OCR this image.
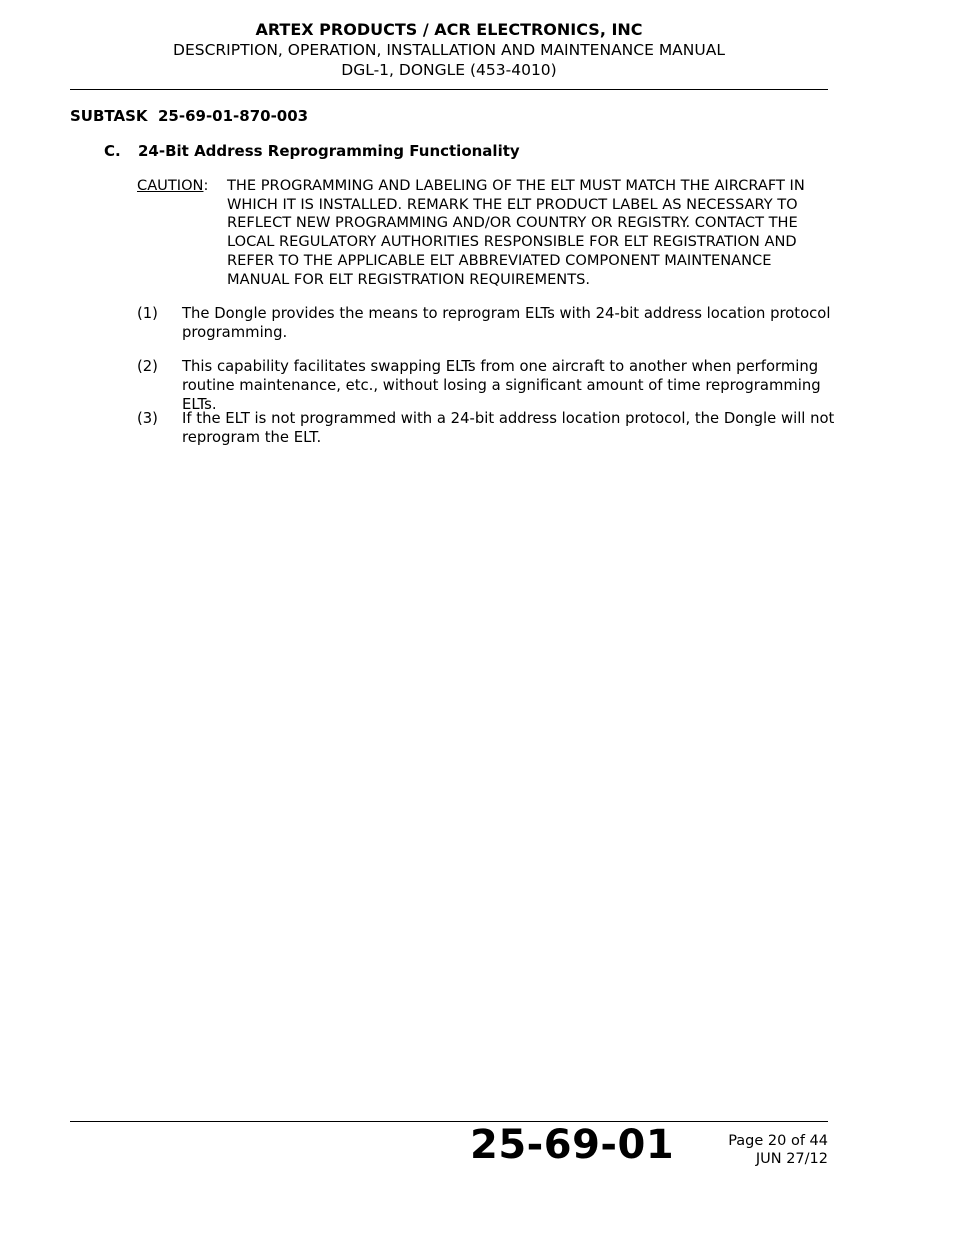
ARTEX PRODUCTS / ACR ELECTRONICS, INC
DESCRIPTION, OPERATION, INSTALLATION AND MAINTENANCE MANUAL
DGL-1, DONGLE (453-4010)
SUBTASK  25-69-01-870-003
C. 24-Bit Address Reprogramming Functionality
CAUTION: THE PROGRAMMING AND LABELING OF THE ELT MUST MATCH THE AIRCRAFT IN WHICH IT IS INSTALLED. REMARK THE ELT PRODUCT LABEL AS NECESSARY TO REFLECT NEW PROGRAMMING AND/OR COUNTRY OR REGISTRY. CONTACT THE LOCAL REGULATORY AUTHORITIES RESPONSIBLE FOR ELT REGISTRATION AND REFER TO THE APPLICABLE ELT ABBREVIATED COMPONENT MAINTENANCE MANUAL FOR ELT REGISTRATION REQUIREMENTS.
(1) The Dongle provides the means to reprogram ELTs with 24-bit address location protocol programming.
(2) This capability facilitates swapping ELTs from one aircraft to another when performing routine maintenance, etc., without losing a significant amount of time reprogramming ELTs.
(3) If the ELT is not programmed with a 24-bit address location protocol, the Dongle will not reprogram the ELT.
25-69-01	Page 20 of 44
JUN 27/12
